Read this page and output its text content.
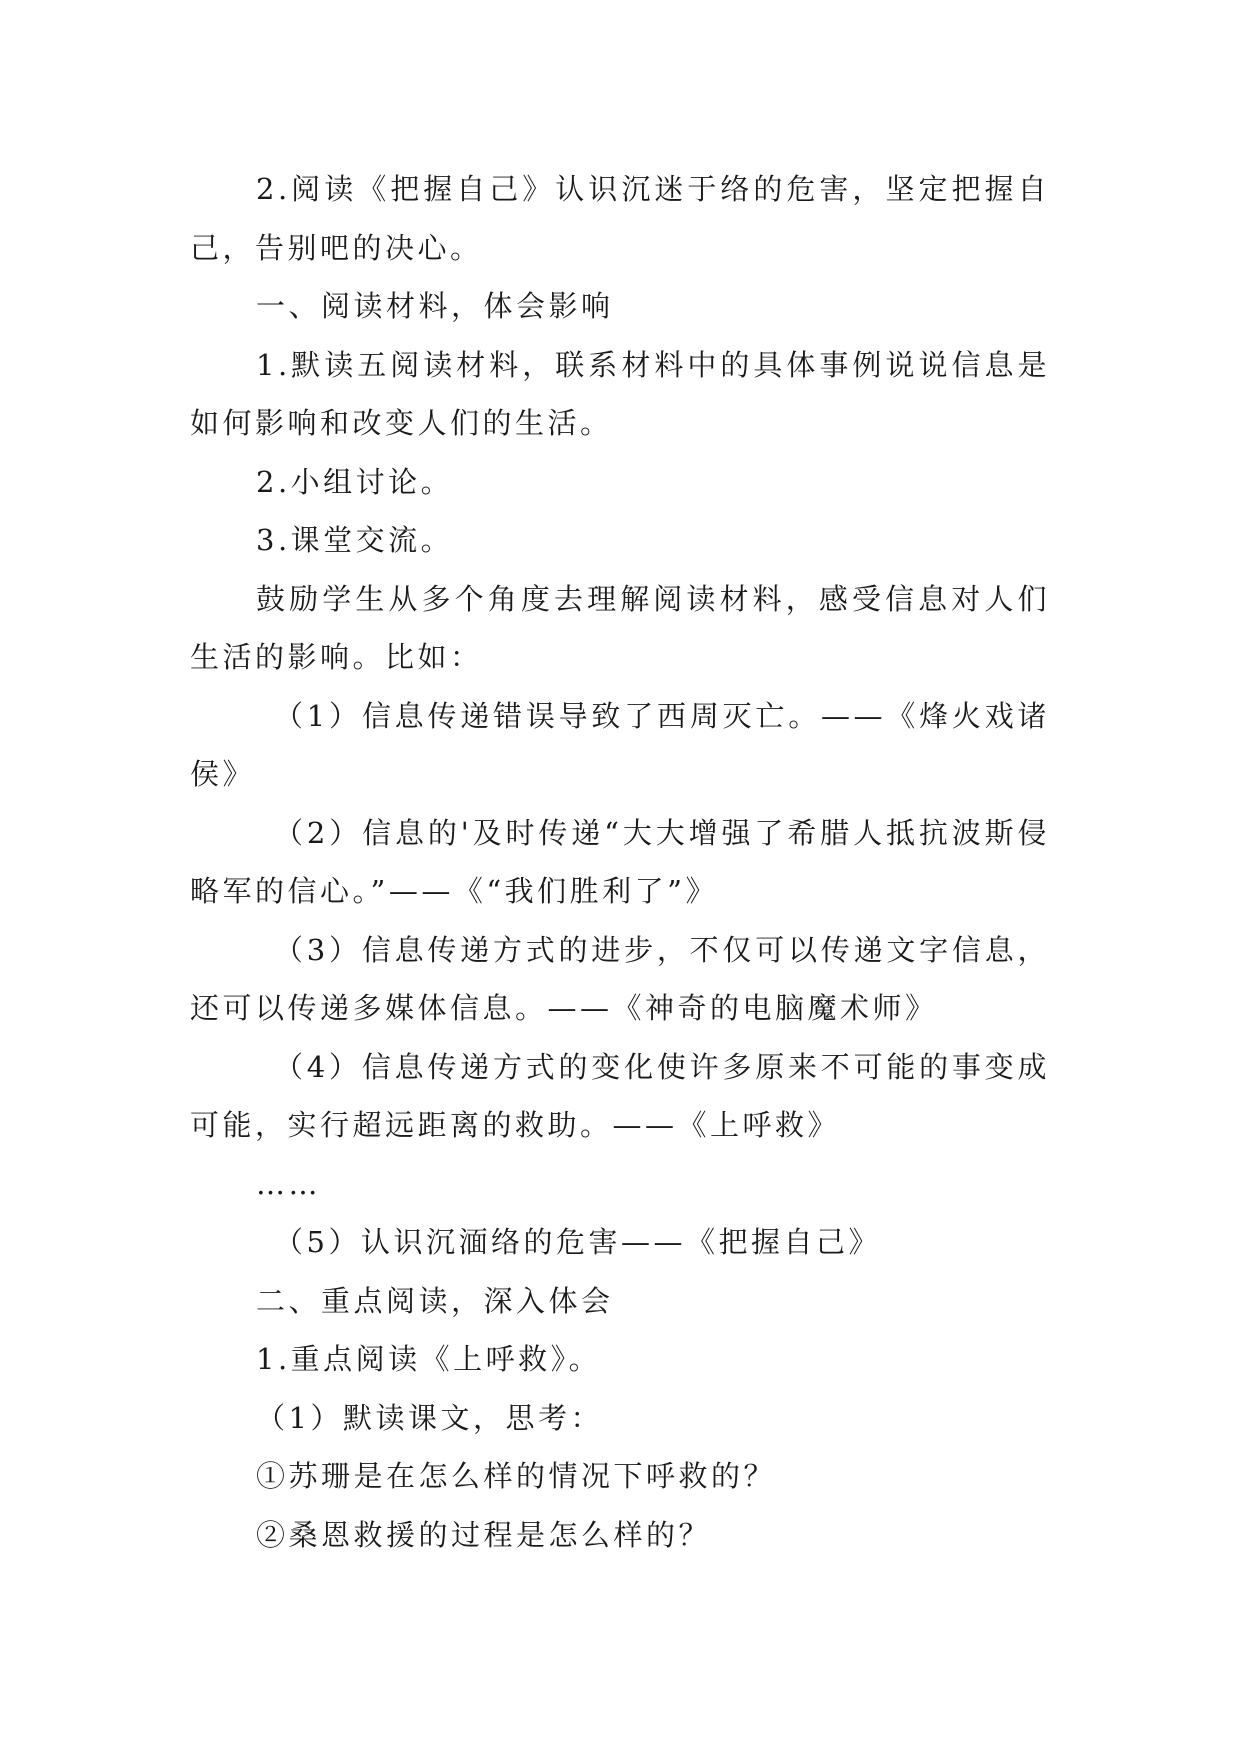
2.阅读《把握自己》认识沉迷于络的危害，坚定把握自己，告别吧的决心。

一、阅读材料，体会影响

1.默读五阅读材料，联系材料中的具体事例说说信息是如何影响和改变人们的生活。

2.小组讨论。

3.课堂交流。

鼓励学生从多个角度去理解阅读材料，感受信息对人们生活的影响。比如：

（1）信息传递错误导致了西周灭亡。——《烽火戏诸侯》

（2）信息的'及时传递“大大增强了希腊人抵抗波斯侵略军的信心。”——《“我们胜利了”》

（3）信息传递方式的进步，不仅可以传递文字信息，还可以传递多媒体信息。——《神奇的电脑魔术师》

（4）信息传递方式的变化使许多原来不可能的事变成可能，实行超远距离的救助。——《上呼救》

……

（5）认识沉湎络的危害——《把握自己》

二、重点阅读，深入体会

1.重点阅读《上呼救》。

（1）默读课文，思考：

①苏珊是在怎么样的情况下呼救的？

②桑恩救援的过程是怎么样的？
